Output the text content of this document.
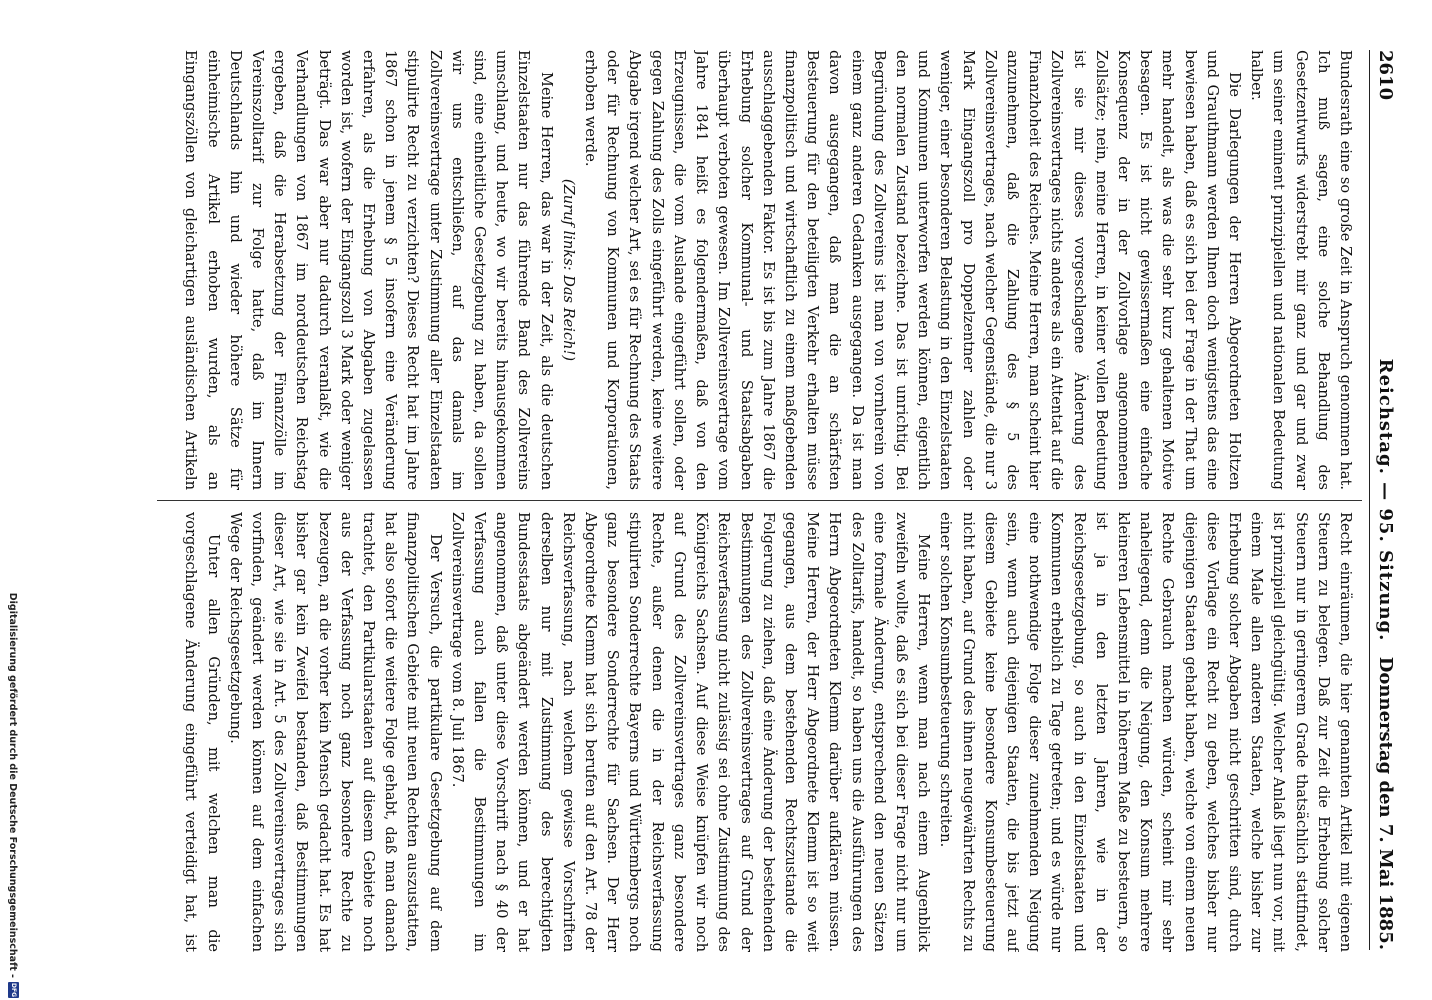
2610
Reichstag. — 95. Sitzung.
Donnerstag den 7. Mai 1885.

Bundesrath eine so große Zeit in Anspruch genommen hat. Ich muß sagen, eine solche Behandlung des Gesetzentwurfs widerstrebt mir ganz und gar und zwar um seiner eminent prinzipiellen und nationalen Bedeutung halber.

Die Darlegungen der Herren Abgeordneten Holtzen und Grauthmann werden Ihnen doch wenigstens das eine bewiesen haben, daß es sich bei der Frage in der That um mehr handelt, als was die sehr kurz gehaltenen Motive besagen. Es ist nicht gewissermaßen eine einfache Konsequenz der in der Zollvorlage angenommenen Zollsätze; nein, meine Herren, in keiner vollen Bedeutung ist sie mir dieses vorgeschlagene Änderung des Zollvereinsvertrages nichts anderes als ein Attentat auf die Finanzhoheit des Reiches. Meine Herren, man scheint hier anzunehmen, daß die Zahlung des § 5 des Zollvereinsvertrages, nach welcher Gegenstände, die nur 3 Mark Eingangszoll pro Doppelzentner zahlen oder weniger, einer besonderen Belastung in den Einzelstaaten und Kommunen unterworfen werden können, eigentlich den normalen Zustand bezeichne. Das ist unrichtig. Bei Begründung des Zollvereins ist man von vornherein von einem ganz anderen Gedanken ausgegangen. Da ist man davon ausgegangen, daß man die an schärfsten Besteuerung für den beteiligten Verkehr erhalten müsse finanzpolitisch und wirtschaftlich zu einem maßgebenden ausschlaggebenden Faktor. Es ist bis zum Jahre 1867 die Erhebung solcher Kommunal- und Staatsabgaben überhaupt verboten gewesen. Im Zollvereinsvertrage vom Jahre 1841 heißt es folgendermaßen, daß von den Erzeugnissen, die vom Auslande eingeführt sollen, oder gegen Zahlung des Zolls eingeführt werden, keine weitere Abgabe irgend welcher Art, sei es für Rechnung des Staats oder für Rechnung von Kommunen und Korporationen, erhoben werde.

(Zuruf links: Das Reich!)

Meine Herren, das war in der Zeit, als die deutschen Einzelstaaten nur das führende Band des Zollvereins umschlang, und heute, wo wir bereits hinausgekommen sind, eine einheitliche Gesetzgebung zu haben, da sollen wir uns entschließen, auf das damals im Zollvereinsvertrage unter Zustimmung aller Einzelstaaten stipulirte Recht zu verzichten? Dieses Recht hat im Jahre 1867 schon in jenem § 5 insofern eine Veränderung erfahren, als die Erhebung von Abgaben zugelassen worden ist, wofern der Eingangszoll 3 Mark oder weniger beträgt. Das war aber nur dadurch veranlaßt, wie die Verhandlungen von 1867 im norddeutschen Reichstag ergeben, daß die Herabsetzung der Finanzzölle im Vereinszolltarif zur Folge hatte, daß im Innern Deutschlands hin und wieder höhere Sätze für einheimische Artikel erhoben wurden, als an Eingangszöllen von gleichartigen ausländischen Artikeln

Recht einräumen, die hier genannten Artikel mit eigenen Steuern zu belegen. Daß zur Zeit die Erhebung solcher Steuern nur in geringerem Grade thatsächlich stattfindet, ist prinzipiell gleichgültig. Welcher Anlaß liegt nun vor, mit einem Male allen anderen Staaten, welche bisher zur Erhebung solcher Abgaben nicht geschritten sind, durch diese Vorlage ein Recht zu geben, welches bisher nur diejenigen Staaten gehabt haben, welche von einem neuen Rechte Gebrauch machen würden, scheint mir sehr naheliegend, denn die Neigung, den Konsum mehrere kleineren Lebensmittel in höherem Maße zu besteuern, so ist ja in den letzten Jahren, wie in der Reichsgesetzgebung, so auch in den Einzelstaaten und Kommunen erheblich zu Tage getreten; und es würde nur eine nothwendige Folge dieser zunehmenden Neigung sein, wenn auch diejenigen Staaten, die bis jetzt auf diesem Gebiete keine besondere Konsumbesteuerung nicht haben, auf Grund des ihnen neugewährten Rechts zu einer solchen Konsumbesteuerung schreiten.

Meine Herren, wenn man nach einem Augenblick zweifeln wollte, daß es sich bei dieser Frage nicht nur um eine formale Änderung, entsprechend den neuen Sätzen des Zolltarifs, handelt, so haben uns die Ausführungen des Herrn Abgeordneten Klemm darüber aufklären müssen. Meine Herren, der Herr Abgeordnete Klemm ist so weit gegangen, aus dem bestehenden Rechtszustande die Folgerung zu ziehen, daß eine Änderung der bestehenden Bestimmungen des Zollvereinsvertrages auf Grund der Reichsverfassung nicht zulässig sei ohne Zustimmung des Königreichs Sachsen. Auf diese Weise knüpfen wir noch auf Grund des Zollvereinsvertrages ganz besondere Rechte, außer denen die in der Reichsverfassung stipulirten Sonderrechte Bayerns und Württembergs noch ganz besondere Sonderrechte für Sachsen. Der Herr Abgeordnete Klemm hat sich berufen auf den Art. 78 der Reichsverfassung, nach welchem gewisse Vorschriften derselben nur mit Zustimmung des berechtigten Bundesstaats abgeändert werden können, und er hat angenommen, daß unter diese Vorschrift nach § 40 der Verfassung auch fallen die Bestimmungen im Zollvereinsvertrage vom 8. Juli 1867.

Der Versuch, die partikulare Gesetzgebung auf dem finanzpolitischen Gebiete mit neuen Rechten auszustatten, hat also sofort die weitere Folge gehabt, daß man danach trachtet, den Partikularstaaten auf diesem Gebiete noch aus der Verfassung noch ganz besondere Rechte zu bezeugen, an die vorher kein Mensch gedacht hat. Es hat bisher gar kein Zweifel bestanden, daß Bestimmungen dieser Art, wie sie in Art. 5 des Zollvereinsvertrages sich vorfinden, geändert werden können auf dem einfachen Wege der Reichsgesetzgebung.

Unter allen Gründen, mit welchen man die vorgeschlagene Änderung eingeführt verteidigt hat, ist

Digitalisierung gefördert durch die Deutsche Forschungsgemeinschaft -
DFG
